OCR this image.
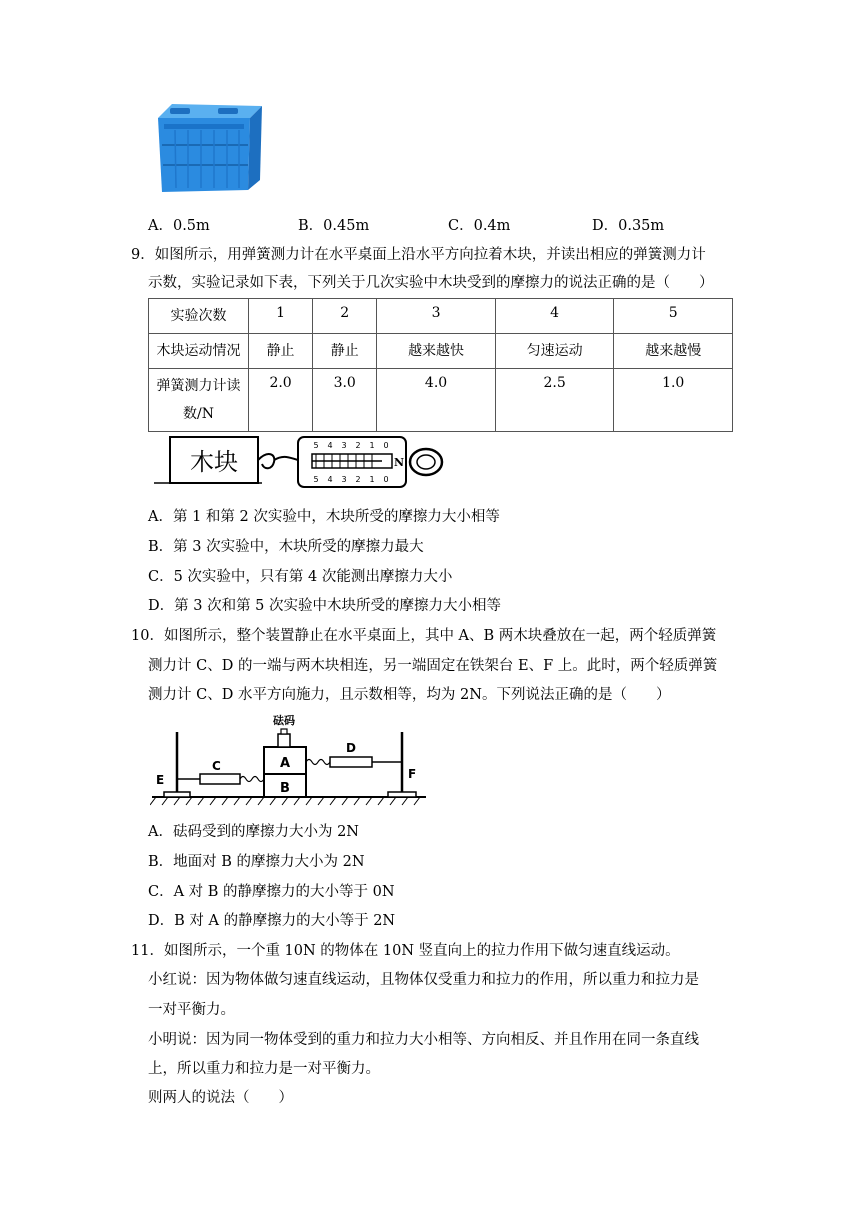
A．0.5m	B．0.45m	C．0.4m	D．0.35m
9．如图所示，用弹簧测力计在水平桌面上沿水平方向拉着木块，并读出相应的弹簧测力计
示数，实验记录如下表，下列关于几次实验中木块受到的摩擦力的说法正确的是（　　）
实验次数	1	2	3	4	5
木块运动情况	静止	静止	越来越快	匀速运动	越来越慢

弹簧测力计读
数/N	2.0	3.0	4.0	2.5	1.0
木块
5 4 3 2 1 0
5 4 3 2 1 0
N
A．第 1 和第 2 次实验中，木块所受的摩擦力大小相等
B．第 3 次实验中，木块所受的摩擦力最大
C．5 次实验中，只有第 4 次能测出摩擦力大小
D．第 3 次和第 5 次实验中木块所受的摩擦力大小相等
10．如图所示，整个装置静止在水平桌面上，其中 A、B 两木块叠放在一起，两个轻质弹簧
测力计 C、D 的一端与两木块相连，另一端固定在铁架台 E、F 上。此时，两个轻质弹簧
测力计 C、D 水平方向施力，且示数相等，均为 2N。下列说法正确的是（　　）
E
C	A
B
砝码
D
F
A．砝码受到的摩擦力大小为 2N
B．地面对 B 的摩擦力大小为 2N
C．A 对 B 的静摩擦力的大小等于 0N
D．B 对 A 的静摩擦力的大小等于 2N
11．如图所示，一个重 10N 的物体在 10N 竖直向上的拉力作用下做匀速直线运动。
小红说：因为物体做匀速直线运动，且物体仅受重力和拉力的作用，所以重力和拉力是
一对平衡力。
小明说：因为同一物体受到的重力和拉力大小相等、方向相反、并且作用在同一条直线
上，所以重力和拉力是一对平衡力。
则两人的说法（　　）
